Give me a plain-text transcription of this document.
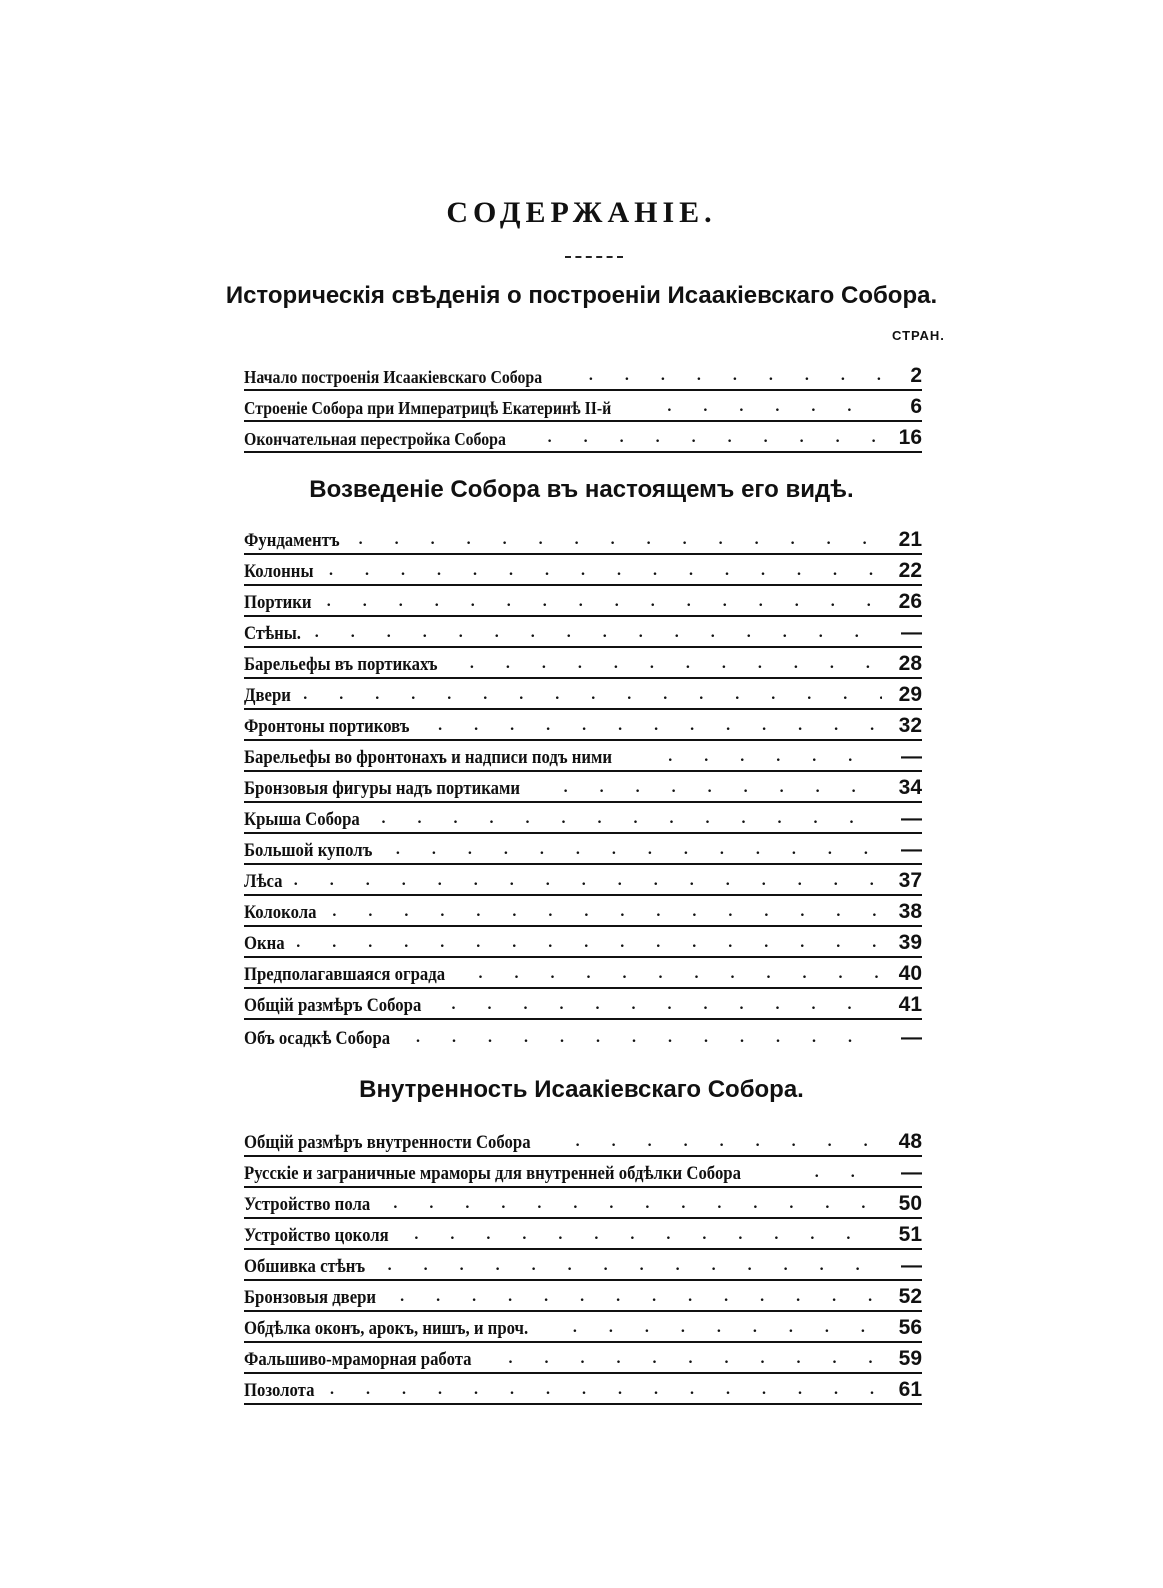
СОДЕРЖАНIЕ.
Историческія свѣденія о построеніи Исаакіевскаго Собора.
СТРАН.
Начало построенія Исаакіевскаго Собора . . .	2
Строеніе Собора при Императрицѣ Екатеринѣ II-й . . .	6
Окончательная перестройка Собора . . .	16
Возведеніе Собора въ настоящемъ его видѣ.
Фундаментъ . . .	21
Колонны . . .	22
Портики . . .	26
Стѣны. . . .	—
Барельефы въ портикахъ . . .	28
Двери . . .	29
Фронтоны портиковъ . . .	32
Барельефы во фронтонахъ и надписи подъ ними . . .	—
Бронзовыя фигуры надъ портиками . . .	34
Крыша Собора . . .	—
Большой куполъ . . .	—
Лѣса . . .	37
Колокола . . .	38
Окна . . .	39
Предполагавшаяся ограда . . .	40
Общій размѣръ Собора . . .	41
Объ осадкѣ Собора . . .	—
Внутренность Исаакіевскаго Собора.
Общій размѣръ внутренности Собора . . .	48
Русскіе и заграничные мраморы для внутренней обдѣлки Собора . . .	—
Устройство пола . . .	50
Устройство цоколя . . .	51
Обшивка стѣнъ . . .	—
Бронзовыя двери . . .	52
Обдѣлка оконъ, арокъ, нишъ, и проч. . . .	56
Фальшиво-мраморная работа . . .	59
Позолота . . .	61
